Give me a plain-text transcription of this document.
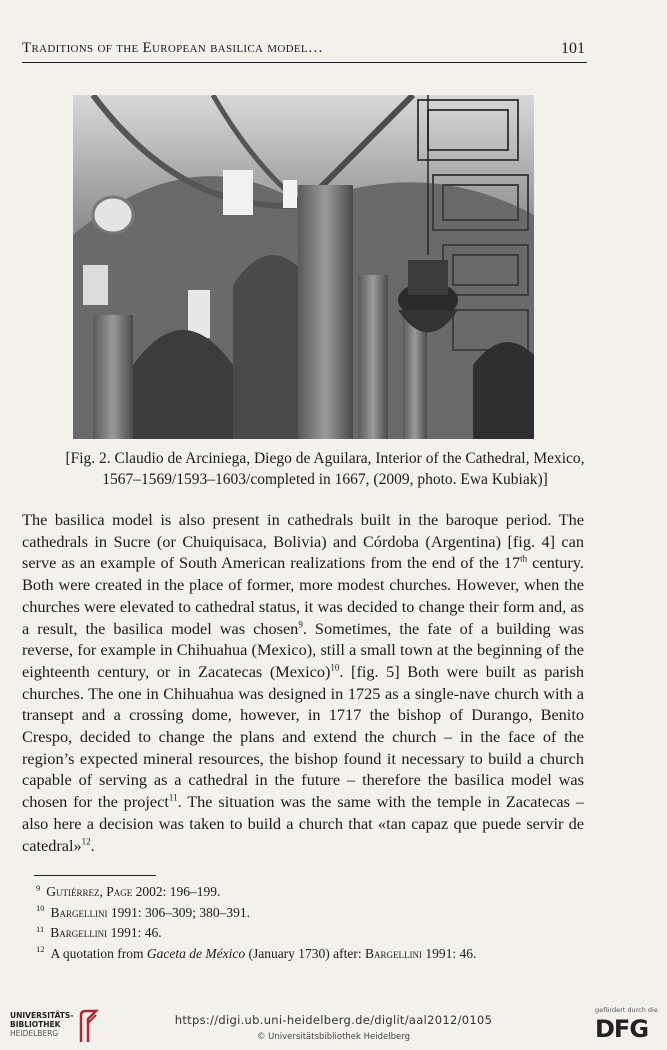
Traditions of the European basilica model…	101
[Fig. 2. Claudio de Arciniega, Diego de Aguilara, Interior of the Cathedral, Mexico,
1567–1569/1593–1603/completed in 1667, (2009, photo. Ewa Kubiak)]

The basilica model is also present in cathedrals built in the baroque period. The cathedrals in Sucre (or Chuiquisaca, Bolivia) and Córdoba (Argentina) [fig. 4] can serve as an example of South American realizations from the end of the 17th century. Both were created in the place of former, more modest churches. However, when the churches were elevated to cathedral status, it was decided to change their form and, as a result, the basilica model was chosen$^9$. Sometimes, the fate of a building was reverse, for example in Chihuahua (Mexico), still a small town at the beginning of the eighteenth century, or in Zacatecas (Mexico)$^{10}$. [fig. 5] Both were built as parish churches. The one in Chihuahua was designed in 1725 as a single-nave church with a transept and a crossing dome, however, in 1717 the bishop of Durango, Benito Crespo, decided to change the plans and extend the church – in the face of the region’s expected mineral resources, the bishop found it necessary to build a church capable of serving as a cathedral in the future – therefore the basilica model was chosen for the project$^{11}$. The situation was the same with the temple in Zacatecas – also here a decision was taken to build a church that «tan capaz que puede servir de catedral»$^{12}$.

$^9$ Gutiérrez, Page 2002: 196–199.
$^{10}$ Bargellini 1991: 306–309; 380–391.
$^{11}$ Bargellini 1991: 46.
$^{12}$ A quotation from Gaceta de México (January 1730) after: Bargellini 1991: 46.
UNIVERSITÄTS-
BIBLIOTHEK
HEIDELBERG
https://digi.ub.uni-heidelberg.de/diglit/aal2012/0105
© Universitätsbibliothek Heidelberg
gefördert durch die
DFG
